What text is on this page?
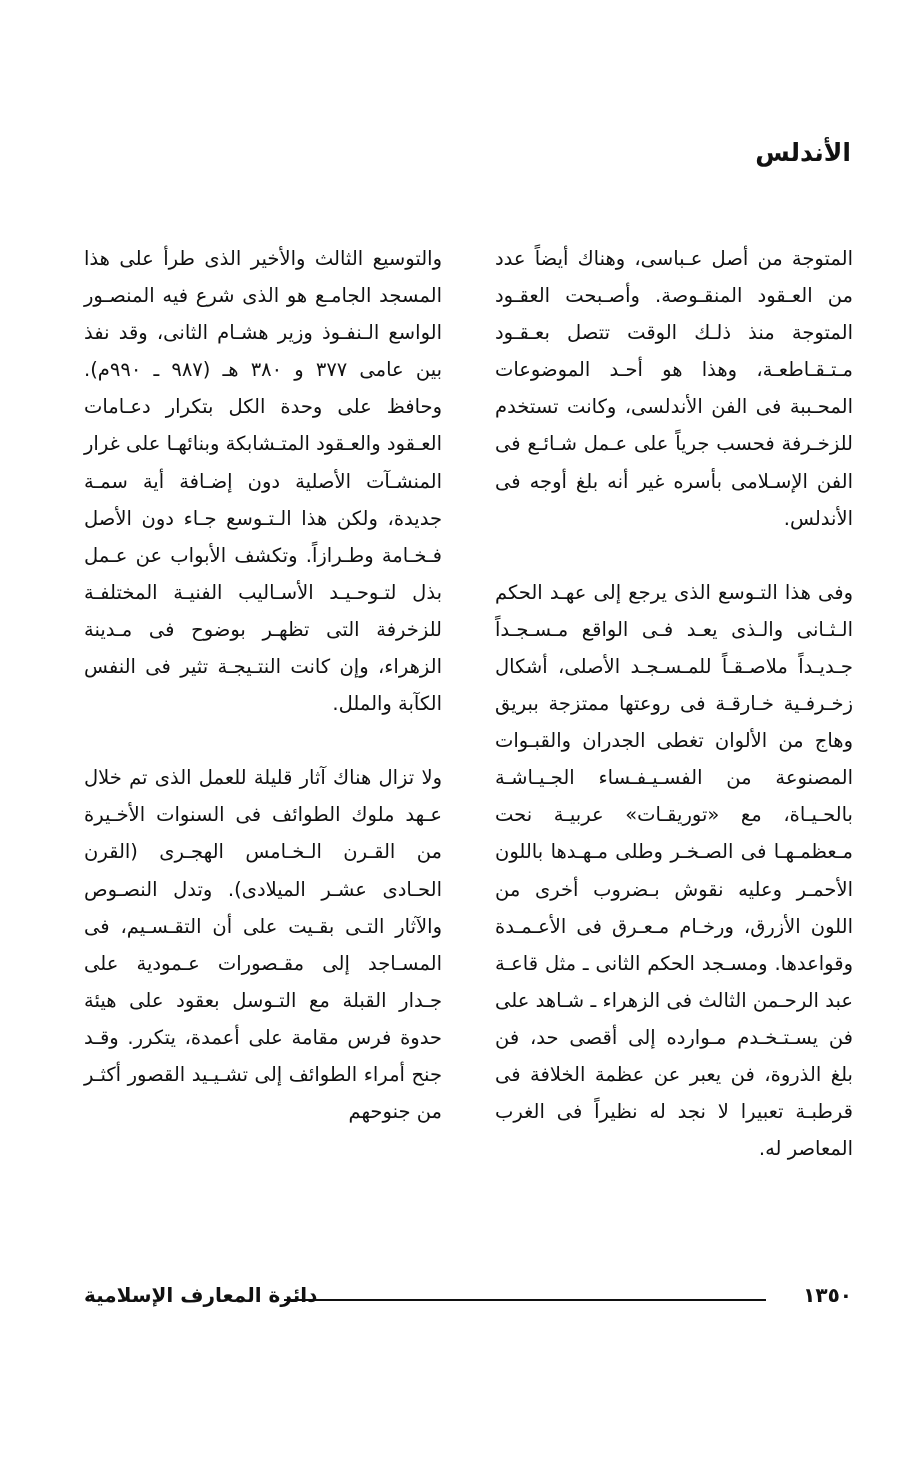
الأندلس

المتوجة من أصل عـباسى، وهناك أيضاً عدد من العـقود المنقـوصة. وأصـبحت العقـود المتوجة منذ ذلـك الوقت تتصل بعـقـود مـتـقـاطعـة، وهذا هو أحـد الموضوعات المحـببة فى الفن الأندلسى، وكانت تستخدم للزخـرفة فحسب جرياً على عـمل شـائـع فى الفن الإسـلامى بأسره غير أنه بلغ أوجه فى الأندلس.

وفى هذا التـوسع الذى يرجع إلى عهـد الحكم الـثـانى والـذى يعـد فـى الواقع مـسـجـداً جـديـداً ملاصـقـاً للمـسـجـد الأصلى، أشكال زخـرفـية خـارقـة فى روعتها ممتزجة ببريق وهاج من الألوان تغطى الجدران والقبـوات المصنوعة من الفسـيـفـساء الجـيـاشـة بالحـيـاة، مع «توريقـات» عربيـة نحت مـعظمـهـا فى الصـخـر وطلى مـهـدها باللون الأحمـر وعليه نقوش بـضروب أخرى من اللون الأزرق، ورخـام مـعـرق فى الأعـمـدة وقواعدها. ومسـجد الحكم الثانى ـ مثل قاعـة عبد الرحـمن الثالث فى الزهراء ـ شـاهد على فن يسـتـخـدم مـوارده إلى أقصى حد، فن بلغ الذروة، فن يعبر عن عظمة الخلافة فى قرطبـة تعبيرا لا نجد له نظيراً فى الغرب المعاصر له.

والتوسيع الثالث والأخير الذى طرأ على هذا المسجد الجامـع هو الذى شرع فيه المنصـور الواسع الـنفـوذ وزير هشـام الثانى، وقد نفذ بين عامى ٣٧٧ و ٣٨٠ هـ (٩٨٧ ـ ٩٩٠م). وحافظ على وحدة الكل بتكرار دعـامات العـقود والعـقود المتـشابكة وبنائهـا على غرار المنشـآت الأصلية دون إضـافة أية سمـة جديدة، ولكن هذا الـتـوسع جـاء دون الأصل فـخـامة وطـرازاً. وتكشف الأبواب عن عـمل بذل لتـوحـيـد الأسـاليب الفنيـة المختلفـة للزخرفة التى تظهـر بوضوح فى مـدينة الزهراء، وإن كانت النتـيجـة تثير فى النفس الكآبة والملل.

ولا تزال هناك آثار قليلة للعمل الذى تم خلال عـهد ملوك الطوائف فى السنوات الأخـيرة من القـرن الـخـامس الهجـرى (القرن الحـادى عشـر الميلادى). وتدل النصـوص والآثار التـى بقـيت على أن التقـسـيم، فى المسـاجد إلى مقـصورات عـمودية على جـدار القبلة مع التـوسل بعقود على هيئة حدوة فرس مقامة على أعمدة، يتكرر. وقـد جنح أمراء الطوائف إلى تشـيـيد القصور أكثـر من جنوحهم

١٣٥٠
دائرة المعارف الإسلامية
